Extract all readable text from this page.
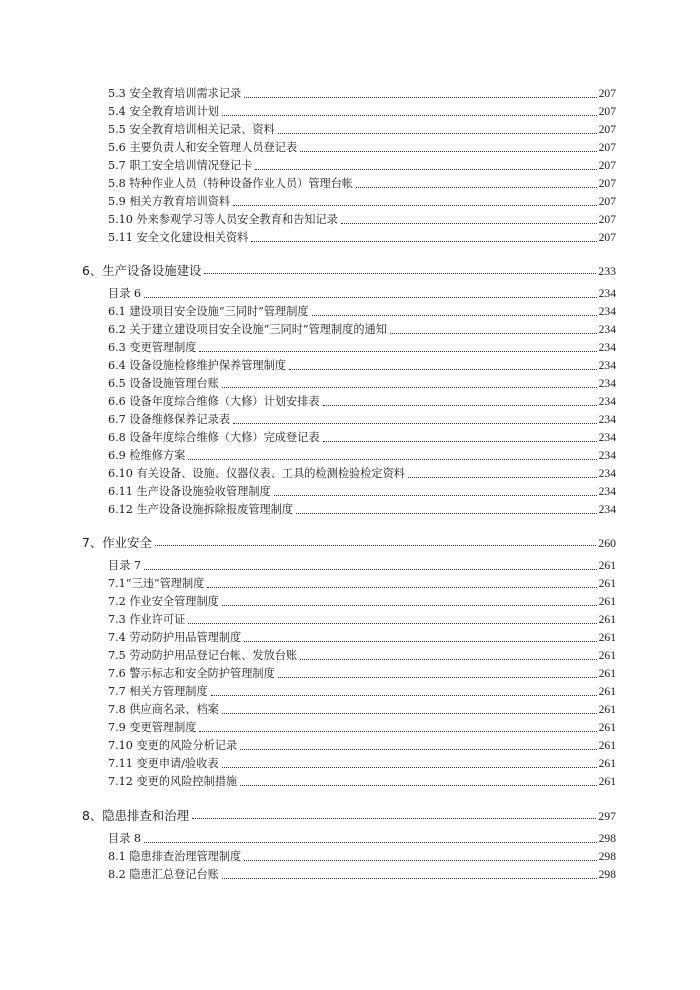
5.3 安全教育培训需求记录	207
5.4 安全教育培训计划	207
5.5 安全教育培训相关记录、资料	207
5.6 主要负责人和安全管理人员登记表	207
5.7 职工安全培训情况登记卡	207
5.8 特种作业人员（特种设备作业人员）管理台帐	207
5.9 相关方教育培训资料	207
5.10 外来参观学习等人员安全教育和告知记录	207
5.11 安全文化建设相关资料	207
6、生产设备设施建设	233
目录 6	234
6.1 建设项目安全设施“三同时”管理制度	234
6.2 关于建立建设项目安全设施“三同时”管理制度的通知	234
6.3 变更管理制度	234
6.4 设备设施检修维护保养管理制度	234
6.5 设备设施管理台账	234
6.6 设备年度综合维修（大修）计划安排表	234
6.7 设备维修保养记录表	234
6.8 设备年度综合维修（大修）完成登记表	234
6.9 检维修方案	234
6.10 有关设备、设施、仪器仪表、工具的检测检验检定资料	234
6.11 生产设备设施验收管理制度	234
6.12 生产设备设施拆除报废管理制度	234
7、作业安全	260
目录 7	261
7.1“三违”管理制度	261
7.2 作业安全管理制度	261
7.3 作业许可证	261
7.4 劳动防护用品管理制度	261
7.5 劳动防护用品登记台帐、发放台账	261
7.6 警示标志和安全防护管理制度	261
7.7 相关方管理制度	261
7.8 供应商名录、档案	261
7.9 变更管理制度	261
7.10 变更的风险分析记录	261
7.11 变更申请/验收表	261
7.12 变更的风险控制措施	261
8、隐患排查和治理	297
目录 8	298
8.1 隐患排查治理管理制度	298
8.2 隐患汇总登记台账	298
